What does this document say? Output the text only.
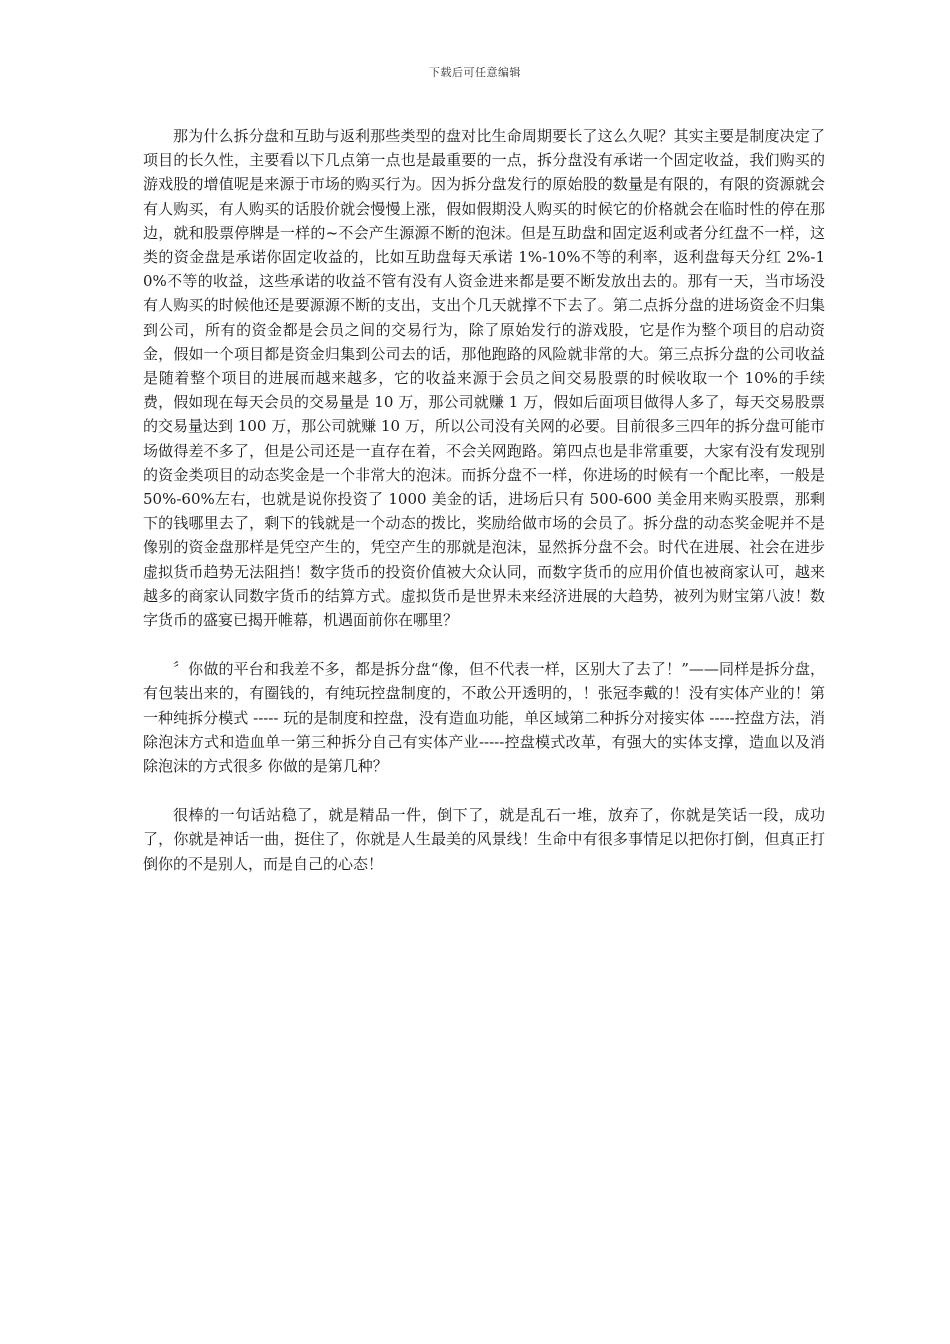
下载后可任意编辑

那为什么拆分盘和互助与返利那些类型的盘对比生命周期要长了这么久呢？其实主要是制度决定了项目的长久性，主要看以下几点第一点也是最重要的一点，拆分盘没有承诺一个固定收益，我们购买的游戏股的增值呢是来源于市场的购买行为。因为拆分盘发行的原始股的数量是有限的，有限的资源就会有人购买，有人购买的话股价就会慢慢上涨，假如假期没人购买的时候它的价格就会在临时性的停在那边，就和股票停牌是一样的~不会产生源源不断的泡沫。但是互助盘和固定返利或者分红盘不一样，这类的资金盘是承诺你固定收益的，比如互助盘每天承诺 1%-10%不等的利率，返利盘每天分红 2%-10%不等的收益，这些承诺的收益不管有没有人资金进来都是要不断发放出去的。那有一天，当市场没有人购买的时候他还是要源源不断的支出，支出个几天就撑不下去了。第二点拆分盘的进场资金不归集到公司，所有的资金都是会员之间的交易行为，除了原始发行的游戏股，它是作为整个项目的启动资金，假如一个项目都是资金归集到公司去的话，那他跑路的风险就非常的大。第三点拆分盘的公司收益是随着整个项目的进展而越来越多，它的收益来源于会员之间交易股票的时候收取一个 10%的手续费，假如现在每天会员的交易量是 10 万，那公司就赚 1 万，假如后面项目做得人多了，每天交易股票的交易量达到 100 万，那公司就赚 10 万，所以公司没有关网的必要。目前很多三四年的拆分盘可能市场做得差不多了，但是公司还是一直存在着，不会关网跑路。第四点也是非常重要，大家有没有发现别的资金类项目的动态奖金是一个非常大的泡沫。而拆分盘不一样，你进场的时候有一个配比率，一般是 50%-60%左右，也就是说你投资了 1000 美金的话，进场后只有 500-600 美金用来购买股票，那剩下的钱哪里去了，剩下的钱就是一个动态的拨比，奖励给做市场的会员了。拆分盘的动态奖金呢并不是像别的资金盘那样是凭空产生的，凭空产生的那就是泡沫，显然拆分盘不会。时代在进展、社会在进步虚拟货币趋势无法阻挡！数字货币的投资价值被大众认同，而数字货币的应用价值也被商家认可，越来越多的商家认同数字货币的结算方式。虚拟货币是世界未来经济进展的大趋势，被列为财宝第八波！数字货币的盛宴已揭开帷幕，机遇面前你在哪里？

〞你做的平台和我差不多，都是拆分盘“像，但不代表一样，区别大了去了！”——同样是拆分盘，有包装出来的，有圈钱的，有纯玩控盘制度的，不敢公开透明的，！张冠李戴的！没有实体产业的！第一种纯拆分模式 ----- 玩的是制度和控盘，没有造血功能，单区域第二种拆分对接实体 -----控盘方法，消除泡沫方式和造血单一第三种拆分自己有实体产业-----控盘模式改革，有强大的实体支撑，造血以及消除泡沫的方式很多 你做的是第几种？

很棒的一句话站稳了，就是精品一件，倒下了，就是乱石一堆，放弃了，你就是笑话一段，成功了，你就是神话一曲，挺住了，你就是人生最美的风景线！生命中有很多事情足以把你打倒，但真正打倒你的不是别人，而是自己的心态！
